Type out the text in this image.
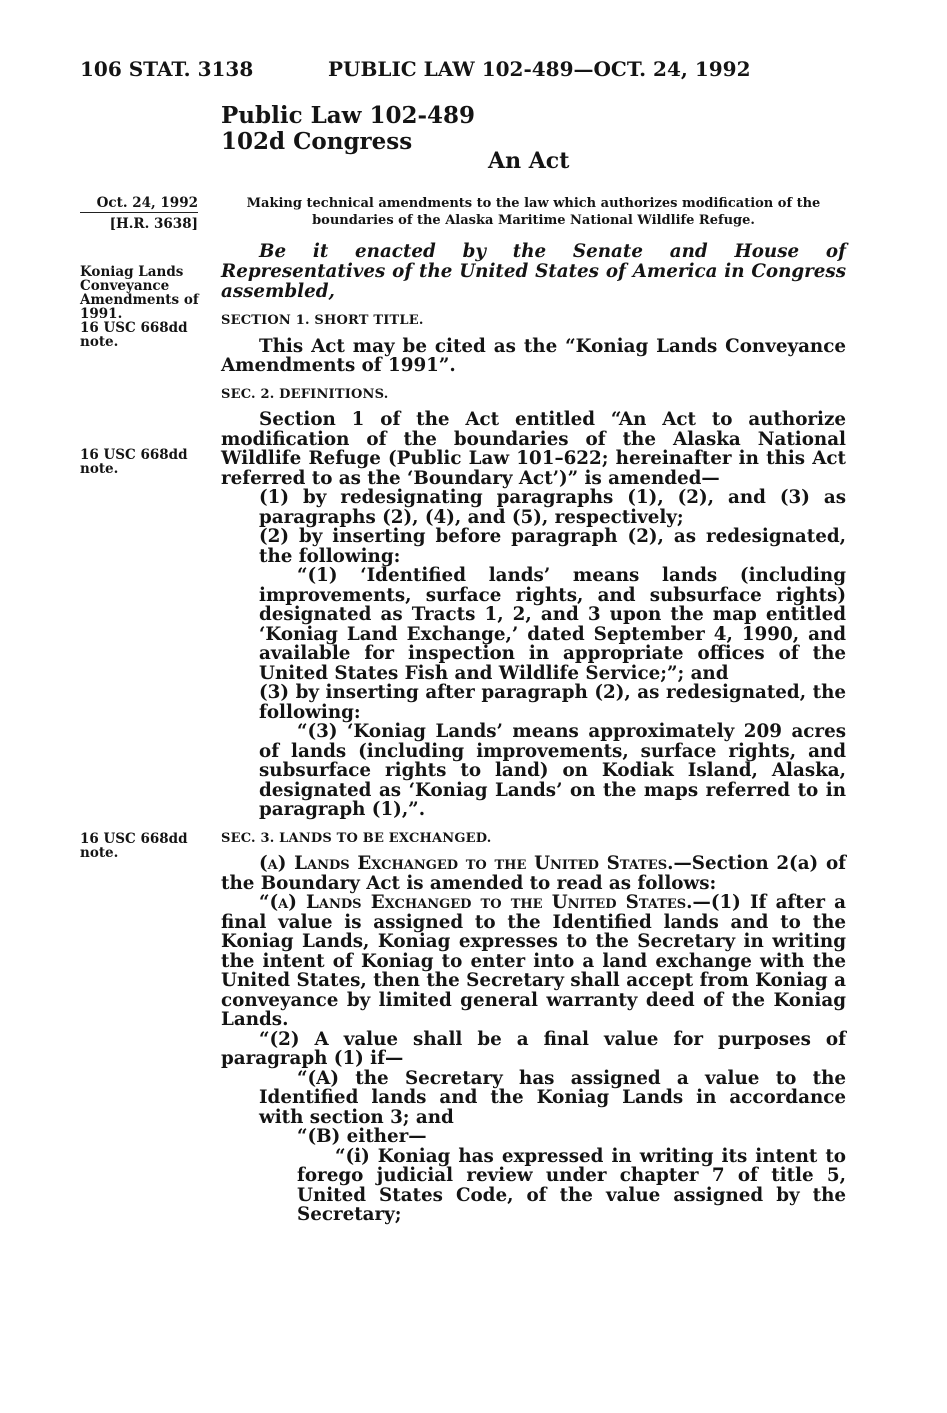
106 STAT. 3138	PUBLIC LAW 102-489—OCT. 24, 1992
Public Law 102-489
102d Congress
An Act
Oct. 24, 1992
[H.R. 3638]
Making technical amendments to the law which authorizes modification of the
boundaries of the Alaska Maritime National Wildlife Refuge.
Koniag Lands
Conveyance
Amendments of
1991.
16 USC 668dd
note.
16 USC 668dd
note.
16 USC 668dd
note.

Be it enacted by the Senate and House of Representatives of the United States of America in Congress assembled,

SECTION 1. SHORT TITLE.

This Act may be cited as the “Koniag Lands Conveyance Amendments of 1991”.

SEC. 2. DEFINITIONS.

Section 1 of the Act entitled “An Act to authorize modification of the boundaries of the Alaska National Wildlife Refuge (Public Law 101–622; hereinafter in this Act referred to as the ‘Boundary Act’)” is amended—

(1) by redesignating paragraphs (1), (2), and (3) as paragraphs (2), (4), and (5), respectively;

(2) by inserting before paragraph (2), as redesignated, the following:

“(1) ‘Identified lands’ means lands (including improvements, surface rights, and subsurface rights) designated as Tracts 1, 2, and 3 upon the map entitled ‘Koniag Land Exchange,’ dated September 4, 1990, and available for inspection in appropriate offices of the United States Fish and Wildlife Service;”; and

(3) by inserting after paragraph (2), as redesignated, the following:

“(3) ‘Koniag Lands’ means approximately 209 acres of lands (including improvements, surface rights, and subsurface rights to land) on Kodiak Island, Alaska, designated as ‘Koniag Lands’ on the maps referred to in paragraph (1),”.

SEC. 3. LANDS TO BE EXCHANGED.

(a) Lands Exchanged to the United States.—Section 2(a) of the Boundary Act is amended to read as follows:

“(a) Lands Exchanged to the United States.—(1) If after a final value is assigned to the Identified lands and to the Koniag Lands, Koniag expresses to the Secretary in writing the intent of Koniag to enter into a land exchange with the United States, then the Secretary shall accept from Koniag a conveyance by limited general warranty deed of the Koniag Lands.

“(2) A value shall be a final value for purposes of paragraph (1) if—

“(A) the Secretary has assigned a value to the Identified lands and the Koniag Lands in accordance with section 3; and

“(B) either—

“(i) Koniag has expressed in writing its intent to forego judicial review under chapter 7 of title 5, United States Code, of the value assigned by the Secretary;
